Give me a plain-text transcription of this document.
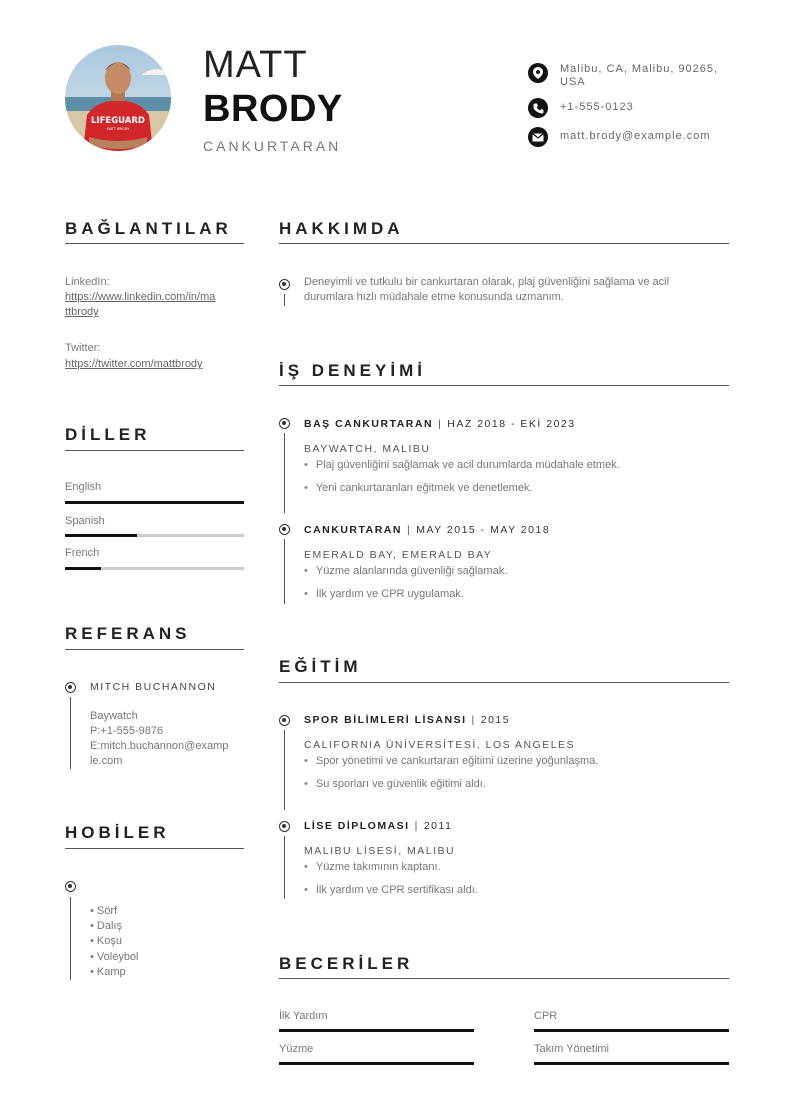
LIFEGUARD
MATT BRODY
MATT
BRODY
CANKURTARAN
Malibu, CA, Malibu, 90265, USA
+1-555-0123
matt.brody@example.com
BAĞLANTILAR
LinkedIn:
https://www.linkedin.com/in/ma
ttbrody
Twitter:
https://twitter.com/mattbrody
DİLLER
English
Spanish
French
REFERANS
MITCH BUCHANNON
Baywatch
P:+1-555-9876
E:mitch.buchannon@examp
le.com
HOBİLER
• Sörf
• Dalış
• Koşu
• Voleybol
• Kamp
HAKKIMDA
Deneyimli ve tutkulu bir cankurtaran olarak, plaj güvenliğini sağlama ve acil
durumlara hızlı müdahale etme konusunda uzmanım.
İŞ DENEYİMİ
BAŞ CANKURTARAN | HAZ 2018 - EKİ 2023
BAYWATCH, MALIBU
• Plaj güvenliğini sağlamak ve acil durumlarda müdahale etmek.
• Yeni cankurtaranları eğitmek ve denetlemek.
CANKURTARAN | MAY 2015 - MAY 2018
EMERALD BAY, EMERALD BAY
• Yüzme alanlarında güvenliği sağlamak.
• İlk yardım ve CPR uygulamak.
EĞİTİM
SPOR BİLİMLERİ LİSANSI | 2015
CALIFORNIA ÜNİVERSİTESİ, LOS ANGELES
• Spor yönetimi ve cankurtaran eğitimi üzerine yoğunlaşma.
• Su sporları ve güvenlik eğitimi aldı.
LİSE DİPLOMASI | 2011
MALIBU LİSESİ, MALIBU
• Yüzme takımının kaptanı.
• İlk yardım ve CPR sertifikası aldı.
BECERİLER
İlk Yardım	CPR
Yüzme	Takım Yönetimi
